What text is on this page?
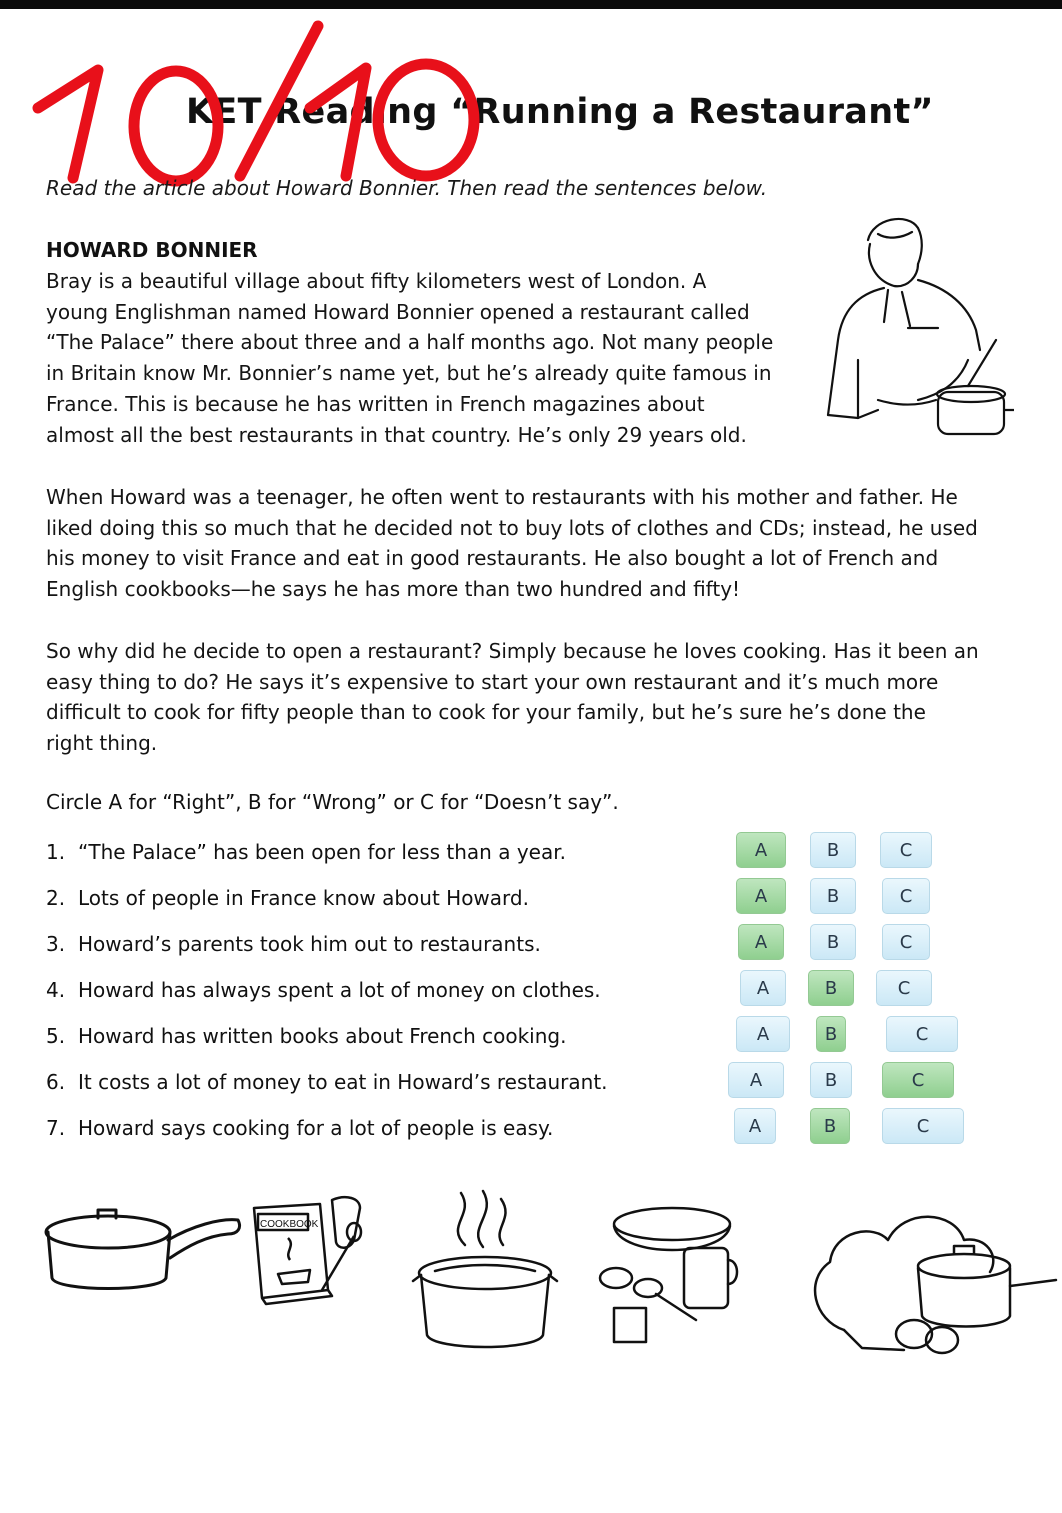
KET Reading “Running a Restaurant”
Read the article about Howard Bonnier. Then read the sentences below.
HOWARD BONNIER
Bray is a beautiful village about fifty kilometers west of London. A
young Englishman named Howard Bonnier opened a restaurant called
“The Palace” there about three and a half months ago. Not many people
in Britain know Mr. Bonnier’s name yet, but he’s already quite famous in
France. This is because he has written in French magazines about
almost all the best restaurants in that country. He’s only 29 years old.
When Howard was a teenager, he often went to restaurants with his mother and father. He
liked doing this so much that he decided not to buy lots of clothes and CDs; instead, he used
his money to visit France and eat in good restaurants. He also bought a lot of French and
English cookbooks—he says he has more than two hundred and fifty!
So why did he decide to open a restaurant? Simply because he loves cooking. Has it been an
easy thing to do? He says it’s expensive to start your own restaurant and it’s much more
difficult to cook for fifty people than to cook for your family, but he’s sure he’s done the
right thing.
Circle A for “Right”, B for “Wrong” or C for “Doesn’t say”.
1. “The Palace” has been open for less than a year.	A	B	C
2. Lots of people in France know about Howard.	A	B	C
3. Howard’s parents took him out to restaurants.	A	B	C
4. Howard has always spent a lot of money on clothes.	A	B	C
5. Howard has written books about French cooking.	A	B	C
6. It costs a lot of money to eat in Howard’s restaurant.	A	B	C
7. Howard says cooking for a lot of people is easy.	A	B	C
COOKBOOK
